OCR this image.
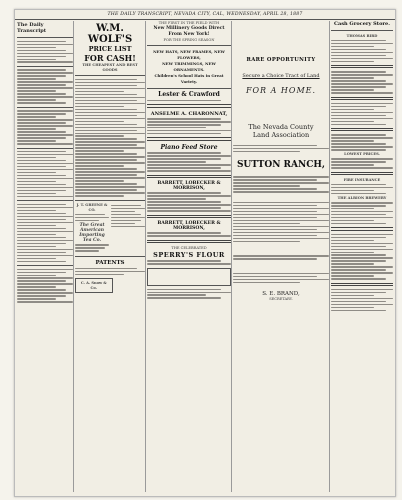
THE DAILY TRANSCRIPT, NEVADA CITY, CAL, WEDNESDAY, APRIL 28, 1887
The Daily Transcript	W.M. WOLF'S
PRICE LIST
FOR CASH!
THE CHEAPEST AND BEST GOODS
J. T. GREENE & CO.
The Great American Importing Tea Co.
PATENTS
C. A. Snow & Co.
THE FIRST IN THE FIELD WITH
New Millinery Goods Direct From New York!
FOR THE SPRING SEASON
NEW HATS, NEW FRAMES, NEW FLOWERS,
NEW TRIMMINGS, NEW ORNAMENTS.
Children's School Hats in Great Variety.
Lester & Crawford
ANSELME A. CHARONNAT,
Piano Feed Store
BARRETT, LOBECKER & MORRISON,
BARRETT, LOBECKER & MORRISON,
THE CELEBRATED
SPERRY'S FLOUR
RARE OPPORTUNITY
Secure a Choice Tract of Land
FOR A HOME.
The Nevada County
Land Association
SUTTON RANCH,
S. E. BRAND,
SECRETARY.
Cash Grocery Store.
THOMAS BIRD
LOWEST PRICES.
FIRE INSURANCE
THE ALBION BREWERY
